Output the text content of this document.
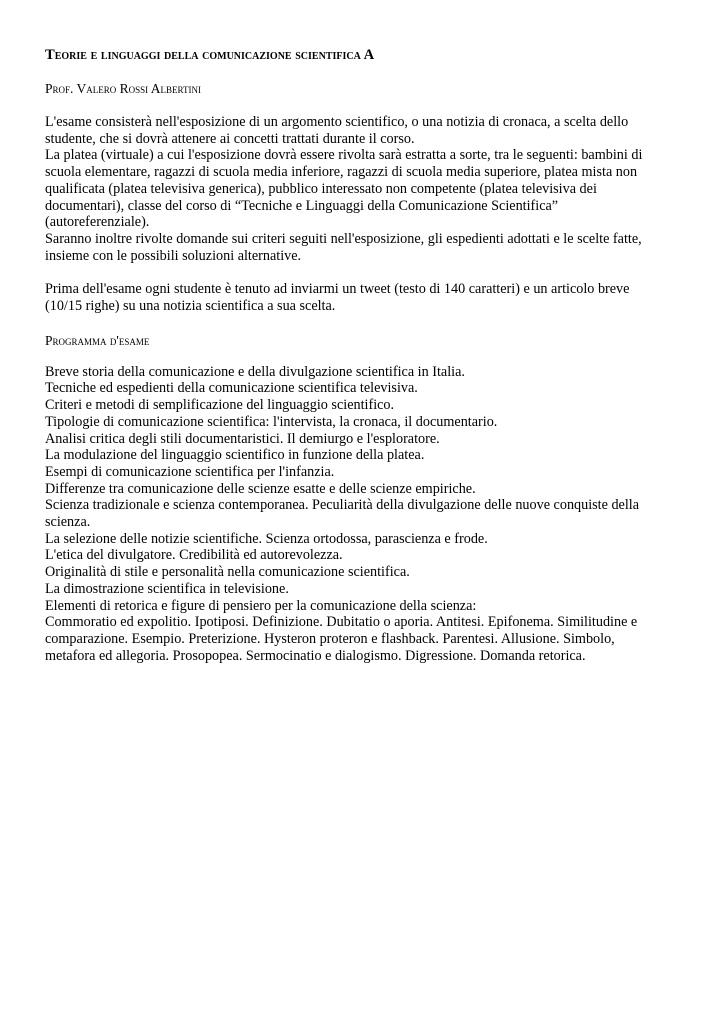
Teorie e linguaggi della comunicazione scientifica A
Prof. Valero Rossi Albertini
L'esame consisterà nell'esposizione di un argomento scientifico, o una notizia di cronaca, a scelta dello
studente, che si dovrà attenere ai concetti trattati durante il corso.
La platea (virtuale) a cui l'esposizione dovrà essere rivolta sarà estratta a sorte, tra le seguenti: bambini di
scuola elementare, ragazzi di scuola media inferiore, ragazzi di scuola media superiore, platea mista non
qualificata (platea televisiva generica), pubblico interessato non competente (platea televisiva dei
documentari), classe del corso di “Tecniche e Linguaggi della Comunicazione Scientifica”
(autoreferenziale).
Saranno inoltre rivolte domande sui criteri seguiti nell'esposizione, gli espedienti adottati e le scelte fatte,
insieme con le possibili soluzioni alternative.
Prima dell'esame ogni studente è tenuto ad inviarmi un tweet (testo di 140 caratteri) e un articolo breve
(10/15 righe) su una notizia scientifica a sua scelta.
Programma d'esame
Breve storia della comunicazione e della divulgazione scientifica in Italia.
Tecniche ed espedienti della comunicazione scientifica televisiva.
Criteri e metodi di semplificazione del linguaggio scientifico.
Tipologie di comunicazione scientifica: l'intervista, la cronaca, il documentario.
Analisi critica degli stili documentaristici. Il demiurgo e l'esploratore.
La modulazione del linguaggio scientifico in funzione della platea.
Esempi di comunicazione scientifica per l'infanzia.
Differenze tra comunicazione delle scienze esatte e delle scienze empiriche.
Scienza tradizionale e scienza contemporanea. Peculiarità della divulgazione delle nuove conquiste della
scienza.
La selezione delle notizie scientifiche. Scienza ortodossa, parascienza e frode.
L'etica del divulgatore. Credibilità ed autorevolezza.
Originalità di stile e personalità nella comunicazione scientifica.
La dimostrazione scientifica in televisione.
Elementi di retorica e figure di pensiero per la comunicazione della scienza:
Commoratio ed expolitio. Ipotiposi. Definizione. Dubitatio o aporia. Antitesi. Epifonema. Similitudine e
comparazione. Esempio. Preterizione. Hysteron proteron e flashback. Parentesi. Allusione. Simbolo,
metafora ed allegoria. Prosopopea. Sermocinatio e dialogismo. Digressione. Domanda retorica.
